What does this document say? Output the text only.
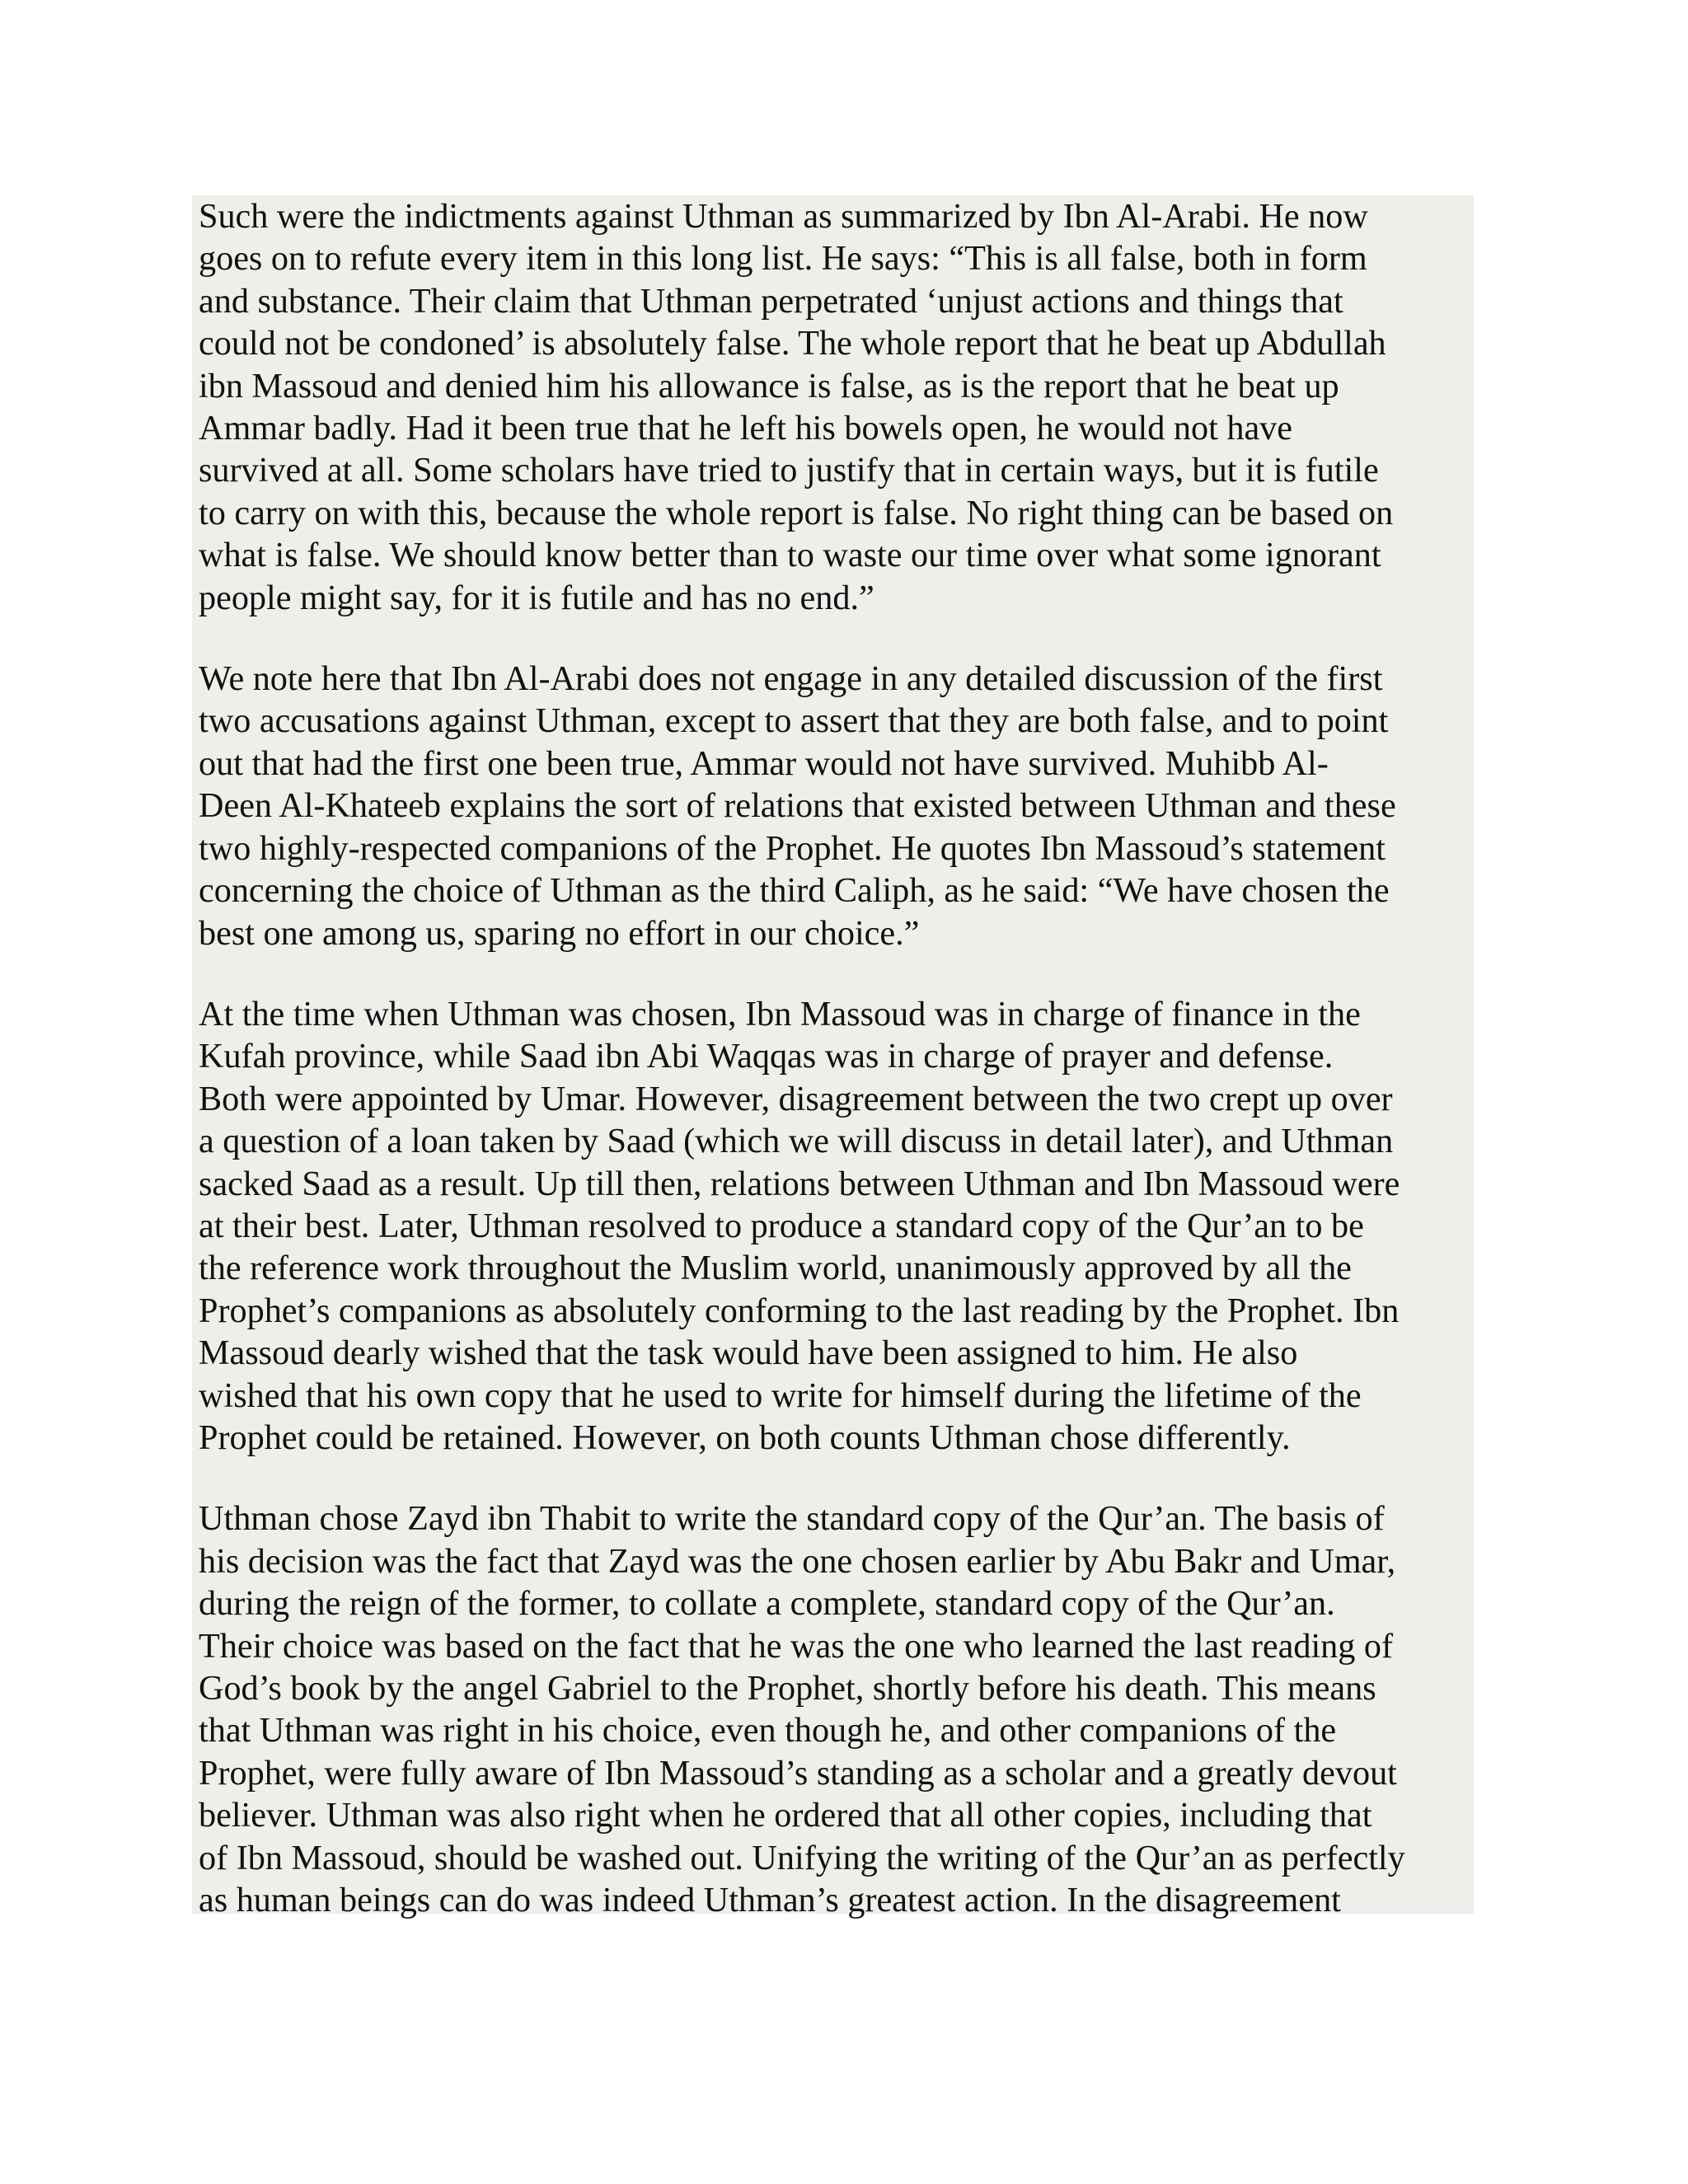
Such were the indictments against Uthman as summarized by Ibn Al-Arabi. He now
goes on to refute every item in this long list. He says: “This is all false, both in form
and substance. Their claim that Uthman perpetrated ‘unjust actions and things that
could not be condoned’ is absolutely false. The whole report that he beat up Abdullah
ibn Massoud and denied him his allowance is false, as is the report that he beat up
Ammar badly. Had it been true that he left his bowels open, he would not have
survived at all. Some scholars have tried to justify that in certain ways, but it is futile
to carry on with this, because the whole report is false. No right thing can be based on
what is false. We should know better than to waste our time over what some ignorant
people might say, for it is futile and has no end.”
We note here that Ibn Al-Arabi does not engage in any detailed discussion of the first
two accusations against Uthman, except to assert that they are both false, and to point
out that had the first one been true, Ammar would not have survived. Muhibb Al-
Deen Al-Khateeb explains the sort of relations that existed between Uthman and these
two highly-respected companions of the Prophet. He quotes Ibn Massoud’s statement
concerning the choice of Uthman as the third Caliph, as he said: “We have chosen the
best one among us, sparing no effort in our choice.”
At the time when Uthman was chosen, Ibn Massoud was in charge of finance in the
Kufah province, while Saad ibn Abi Waqqas was in charge of prayer and defense.
Both were appointed by Umar. However, disagreement between the two crept up over
a question of a loan taken by Saad (which we will discuss in detail later), and Uthman
sacked Saad as a result. Up till then, relations between Uthman and Ibn Massoud were
at their best. Later, Uthman resolved to produce a standard copy of the Qur’an to be
the reference work throughout the Muslim world, unanimously approved by all the
Prophet’s companions as absolutely conforming to the last reading by the Prophet. Ibn
Massoud dearly wished that the task would have been assigned to him. He also
wished that his own copy that he used to write for himself during the lifetime of the
Prophet could be retained. However, on both counts Uthman chose differently.
Uthman chose Zayd ibn Thabit to write the standard copy of the Qur’an. The basis of
his decision was the fact that Zayd was the one chosen earlier by Abu Bakr and Umar,
during the reign of the former, to collate a complete, standard copy of the Qur’an.
Their choice was based on the fact that he was the one who learned the last reading of
God’s book by the angel Gabriel to the Prophet, shortly before his death. This means
that Uthman was right in his choice, even though he, and other companions of the
Prophet, were fully aware of Ibn Massoud’s standing as a scholar and a greatly devout
believer. Uthman was also right when he ordered that all other copies, including that
of Ibn Massoud, should be washed out. Unifying the writing of the Qur’an as perfectly
as human beings can do was indeed Uthman’s greatest action. In the disagreement
